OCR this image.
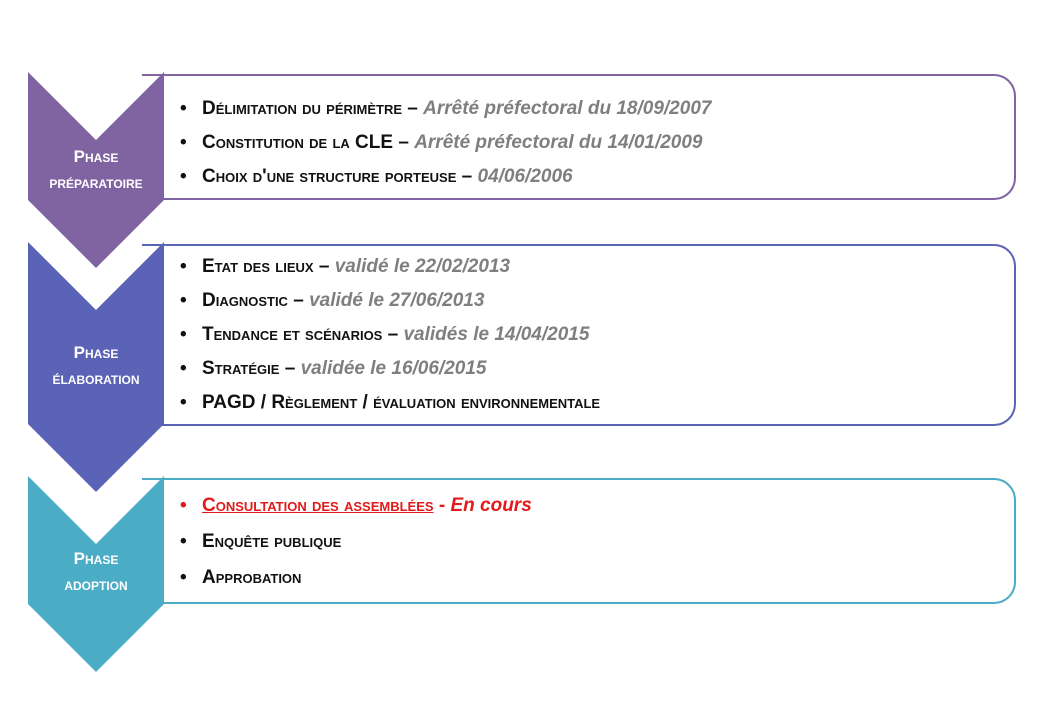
• Délimitation du périmètre – Arrêté préfectoral du 18/09/2007
• Constitution de la CLE – Arrêté préfectoral du 14/01/2009
• Choix d'une structure porteuse – 04/06/2006
Phase
préparatoire
• Etat des lieux – validé le 22/02/2013
• Diagnostic – validé le 27/06/2013
• Tendance et scénarios – validés le 14/04/2015
• Stratégie – validée le 16/06/2015
• PAGD / Règlement / évaluation environnementale
Phase
élaboration
• Consultation des assemblées - En cours
• Enquête publique
• Approbation
Phase
adoption
